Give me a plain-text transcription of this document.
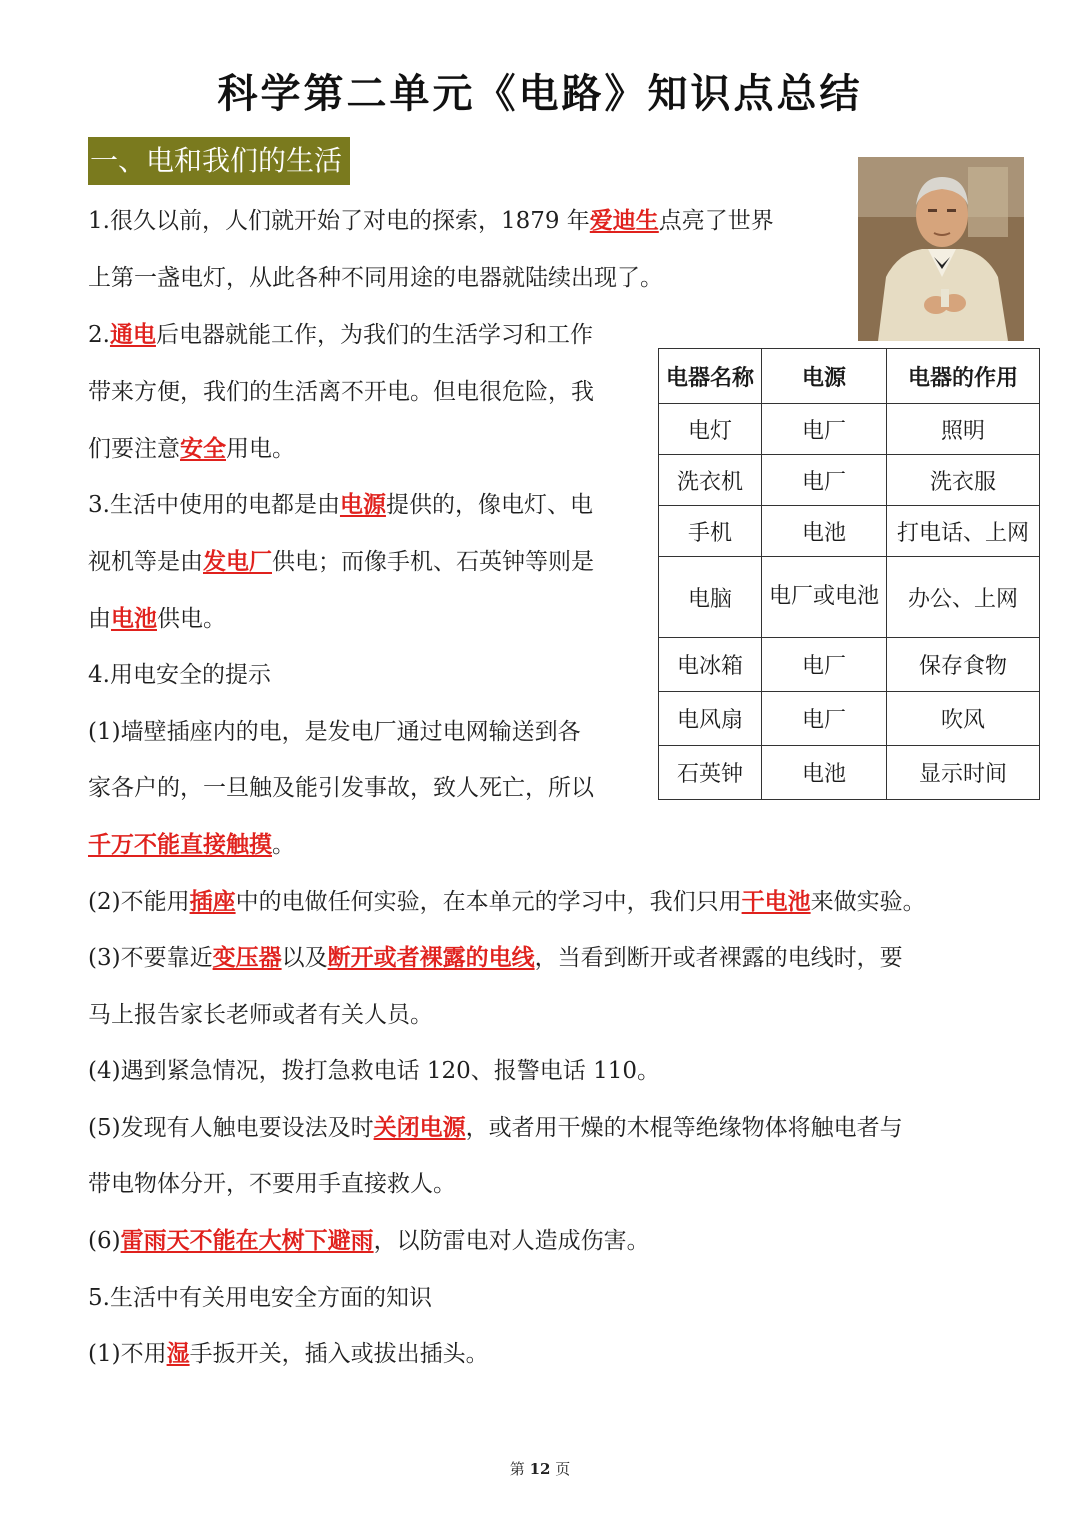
科学第二单元《电路》知识点总结
一、电和我们的生活
1.很久以前，人们就开始了对电的探索，1879 年爱迪生点亮了世界
上第一盏电灯，从此各种不同用途的电器就陆续出现了。
2.通电后电器就能工作，为我们的生活学习和工作
带来方便，我们的生活离不开电。但电很危险，我
们要注意安全用电。
3.生活中使用的电都是由电源提供的，像电灯、电
视机等是由发电厂供电；而像手机、石英钟等则是
由电池供电。
4.用电安全的提示
(1)墙壁插座内的电，是发电厂通过电网输送到各
家各户的，一旦触及能引发事故，致人死亡，所以
千万不能直接触摸。
(2)不能用插座中的电做任何实验，在本单元的学习中，我们只用干电池来做实验。
(3)不要靠近变压器以及断开或者裸露的电线，当看到断开或者裸露的电线时，要
马上报告家长老师或者有关人员。
(4)遇到紧急情况，拨打急救电话 120、报警电话 110。
(5)发现有人触电要设法及时关闭电源，或者用干燥的木棍等绝缘物体将触电者与
带电物体分开，不要用手直接救人。
(6)雷雨天不能在大树下避雨，以防雷电对人造成伤害。
5.生活中有关用电安全方面的知识
(1)不用湿手扳开关，插入或拔出插头。
电器名称	电源	电器的作用
电灯	电厂	照明
洗衣机	电厂	洗衣服
手机	电池	打电话、上网
电脑	电厂或电池	办公、上网
电冰箱	电厂	保存食物
电风扇	电厂	吹风
石英钟	电池	显示时间
第 12 页
